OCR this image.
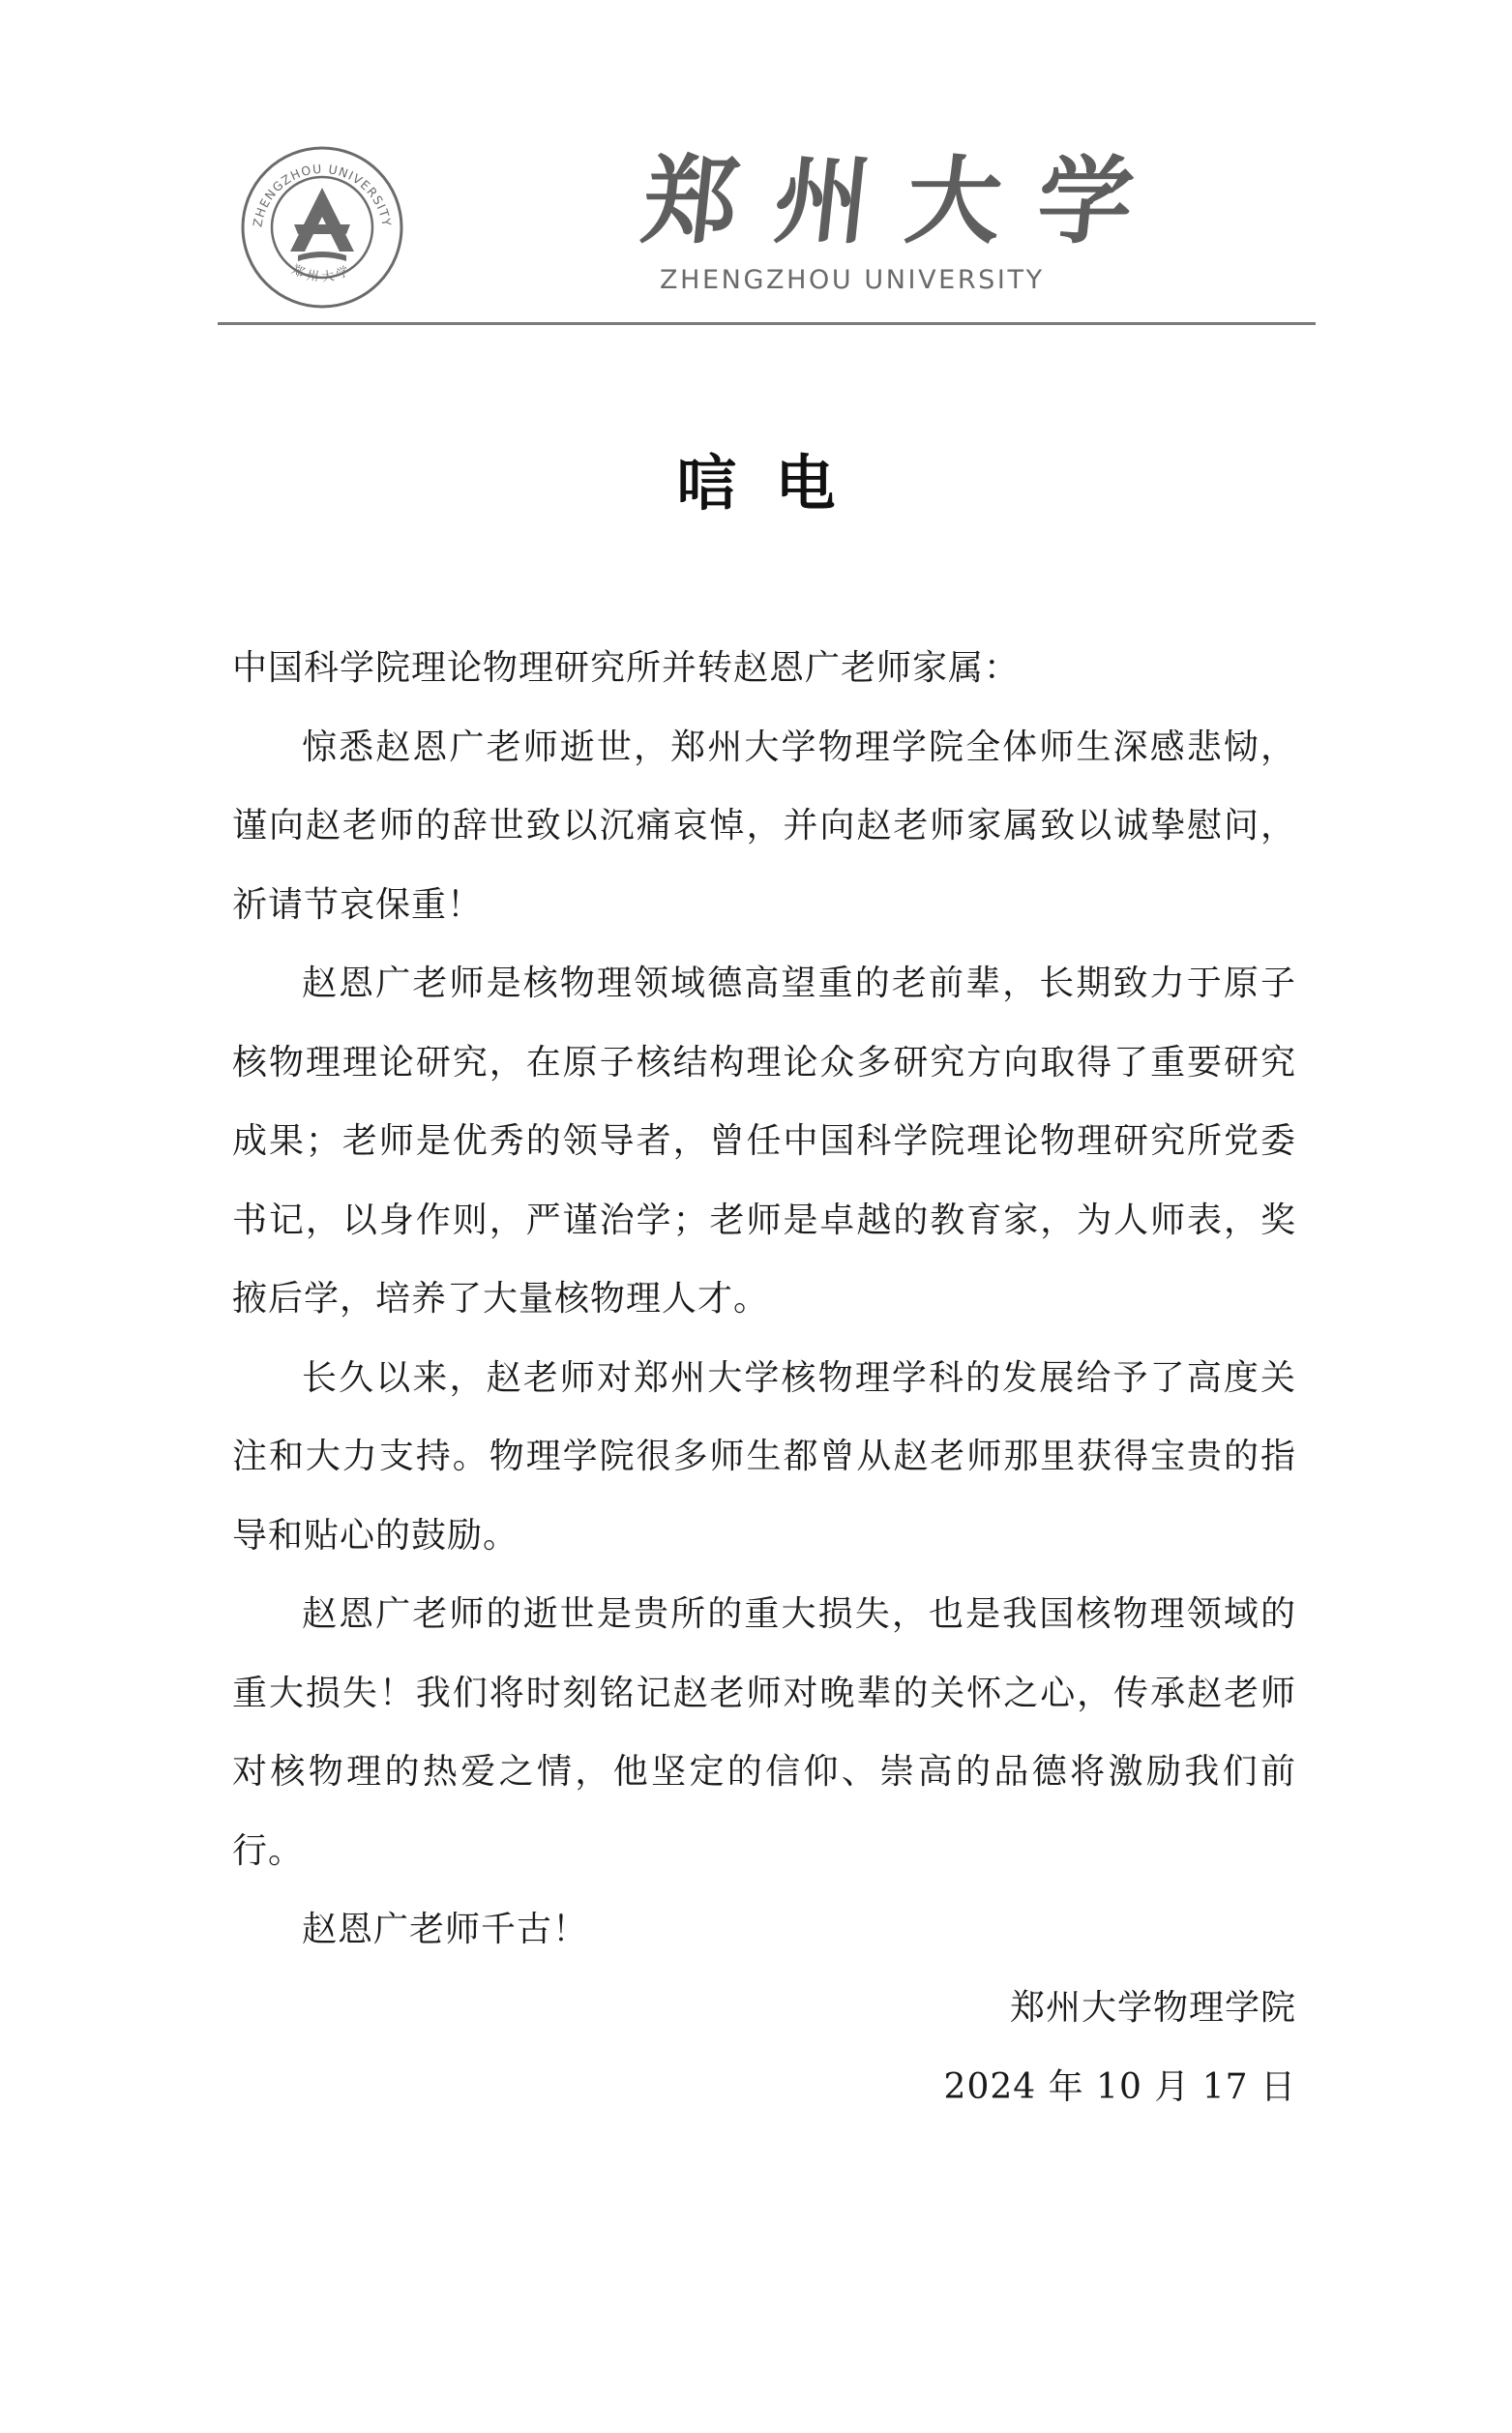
ZHENGZHOU UNIVERSITY
郑州大学
郑州大学
ZHENGZHOU UNIVERSITY
唁电

中国科学院理论物理研究所并转赵恩广老师家属：

惊悉赵恩广老师逝世，郑州大学物理学院全体师生深感悲恸，谨向赵老师的辞世致以沉痛哀悼，并向赵老师家属致以诚挚慰问，祈请节哀保重！

赵恩广老师是核物理领域德高望重的老前辈，长期致力于原子核物理理论研究，在原子核结构理论众多研究方向取得了重要研究成果；老师是优秀的领导者，曾任中国科学院理论物理研究所党委书记，以身作则，严谨治学；老师是卓越的教育家，为人师表，奖掖后学，培养了大量核物理人才。

长久以来，赵老师对郑州大学核物理学科的发展给予了高度关注和大力支持。物理学院很多师生都曾从赵老师那里获得宝贵的指导和贴心的鼓励。

赵恩广老师的逝世是贵所的重大损失，也是我国核物理领域的重大损失！我们将时刻铭记赵老师对晚辈的关怀之心，传承赵老师对核物理的热爱之情，他坚定的信仰、崇高的品德将激励我们前行。

赵恩广老师千古！

郑州大学物理学院
2024 年 10 月 17 日
